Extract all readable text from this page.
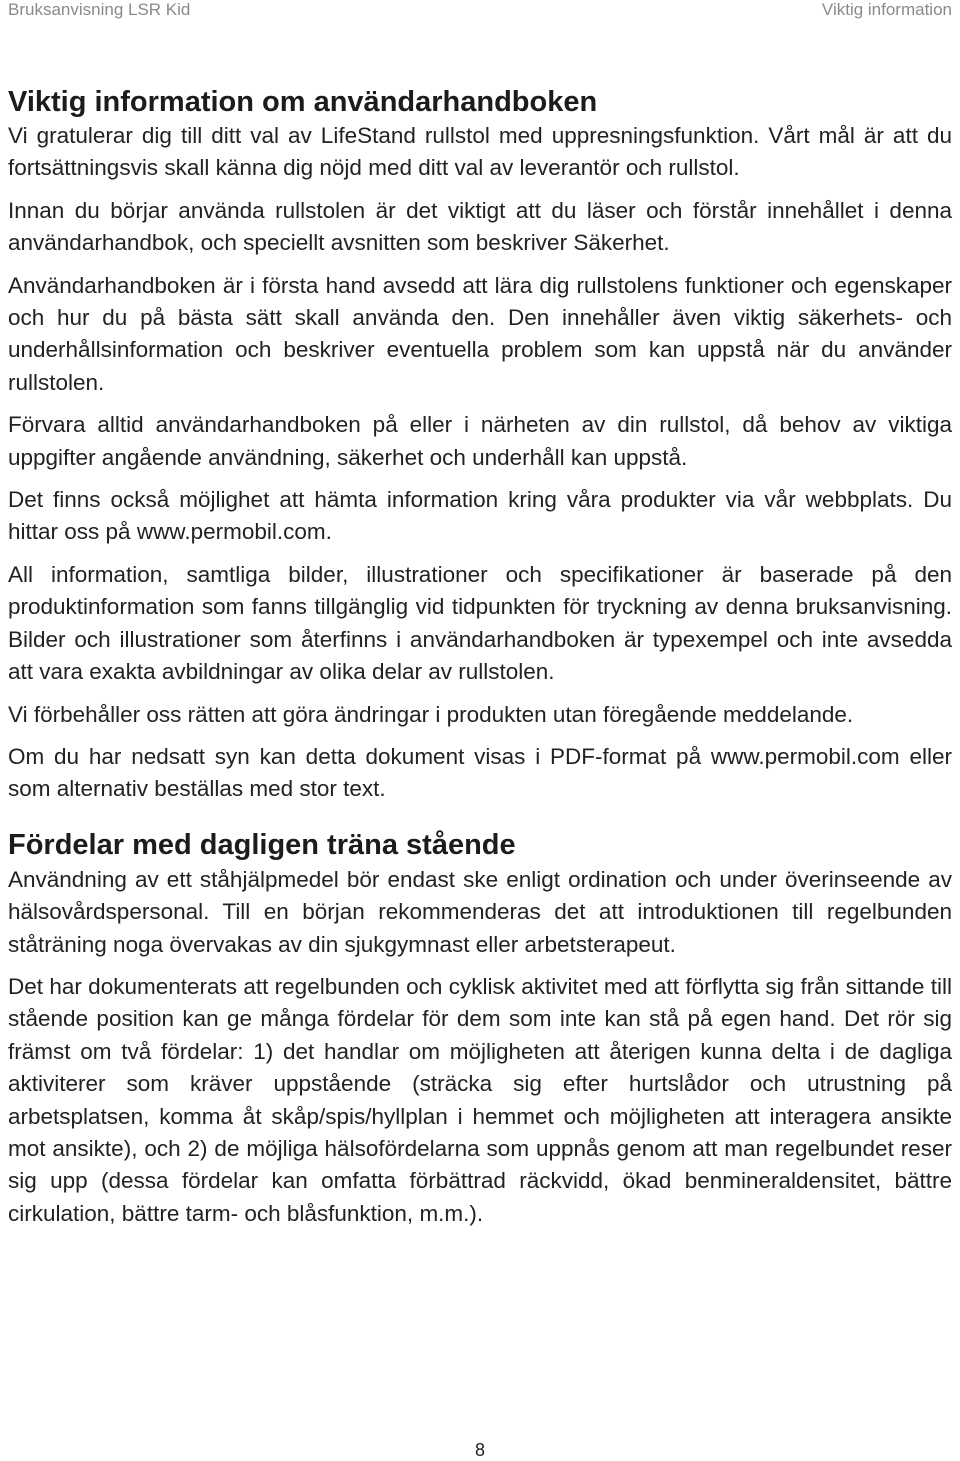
Bruksanvisning LSR Kid	Viktig information
Viktig information om användarhandboken

Vi gratulerar dig till ditt val av LifeStand rullstol med uppresningsfunktion. Vårt mål är att du fortsättningsvis skall känna dig nöjd med ditt val av leverantör och rullstol.

Innan du börjar använda rullstolen är det viktigt att du läser och förstår innehållet i denna användarhandbok, och speciellt avsnitten som beskriver Säkerhet.

Användarhandboken är i första hand avsedd att lära dig rullstolens funktioner och egenskaper och hur du på bästa sätt skall använda den. Den innehåller även viktig säkerhets- och underhållsinformation och beskriver eventuella problem som kan uppstå när du använder rullstolen.

Förvara alltid användarhandboken på eller i närheten av din rullstol, då behov av viktiga uppgifter angående användning, säkerhet och underhåll kan uppstå.

Det finns också möjlighet att hämta information kring våra produkter via vår webbplats. Du hittar oss på www.permobil.com.

All information, samtliga bilder, illustrationer och specifikationer är baserade på den produktinformation som fanns tillgänglig vid tidpunkten för tryckning av denna bruksanvisning. Bilder och illustrationer som återfinns i användarhandboken är typexempel och inte avsedda att vara exakta avbildningar av olika delar av rullstolen.

Vi förbehåller oss rätten att göra ändringar i produkten utan föregående meddelande.

Om du har nedsatt syn kan detta dokument visas i PDF-format på www.permobil.com eller som alternativ beställas med stor text.

Fördelar med dagligen träna stående

Användning av ett ståhjälpmedel bör endast ske enligt ordination och under överinseende av hälsovårdspersonal. Till en början rekommenderas det att introduktionen till regelbunden ståträning noga övervakas av din sjukgymnast eller arbetsterapeut.

Det har dokumenterats att regelbunden och cyklisk aktivitet med att förflytta sig från sittande till stående position kan ge många fördelar för dem som inte kan stå på egen hand. Det rör sig främst om två fördelar: 1) det handlar om möjligheten att återigen kunna delta i de dagliga aktiviterer som kräver uppstående (sträcka sig efter hurtslådor och utrustning på arbetsplatsen, komma åt skåp/spis/hyllplan i hemmet och möjligheten att interagera ansikte mot ansikte), och 2) de möjliga hälsofördelarna som uppnås genom att man regelbundet reser sig upp (dessa fördelar kan omfatta förbättrad räckvidd, ökad benmineraldensitet, bättre cirkulation, bättre tarm- och blåsfunktion, m.m.).

8
